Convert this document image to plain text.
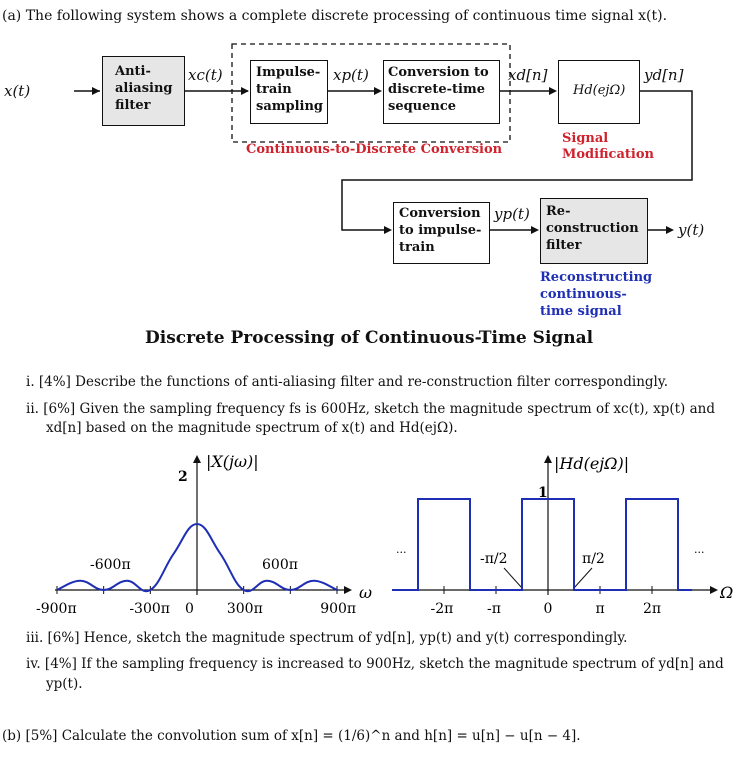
(a) The following system shows a complete discrete processing of continuous time signal x(t).
x(t)
xc(t)	xp(t)	xd[n]	yd[n]
yp(t)
y(t)
Anti-
aliasing
filter
Impulse-
train
sampling
Conversion to
discrete-time
sequence
Hd(ejΩ)
Continuous-to-Discrete Conversion
Signal
Modification
Conversion
to impulse-
train
Re-
construction
filter
Reconstructing
continuous-
time signal
Discrete Processing of Continuous-Time Signal
i. [4%] Describe the functions of anti-aliasing filter and re-construction filter correspondingly.
ii. [6%] Given the sampling frequency fs is 600Hz, sketch the magnitude spectrum of xc(t), xp(t) and
xd[n] based on the magnitude spectrum of x(t) and Hd(ejΩ).
|X(jω)|
2
ω
-900π	-300π 0 300π	900π
-600π	600π
|Hd(ejΩ)|
1
Ω
...	...
-π/2	π/2
-2π -π	0	π	2π
iii. [6%] Hence, sketch the magnitude spectrum of yd[n], yp(t) and y(t) correspondingly.
iv. [4%] If the sampling frequency is increased to 900Hz, sketch the magnitude spectrum of yd[n] and
yp(t).
(b) [5%] Calculate the convolution sum of x[n] = (1/6)^n and h[n] = u[n] − u[n − 4].
